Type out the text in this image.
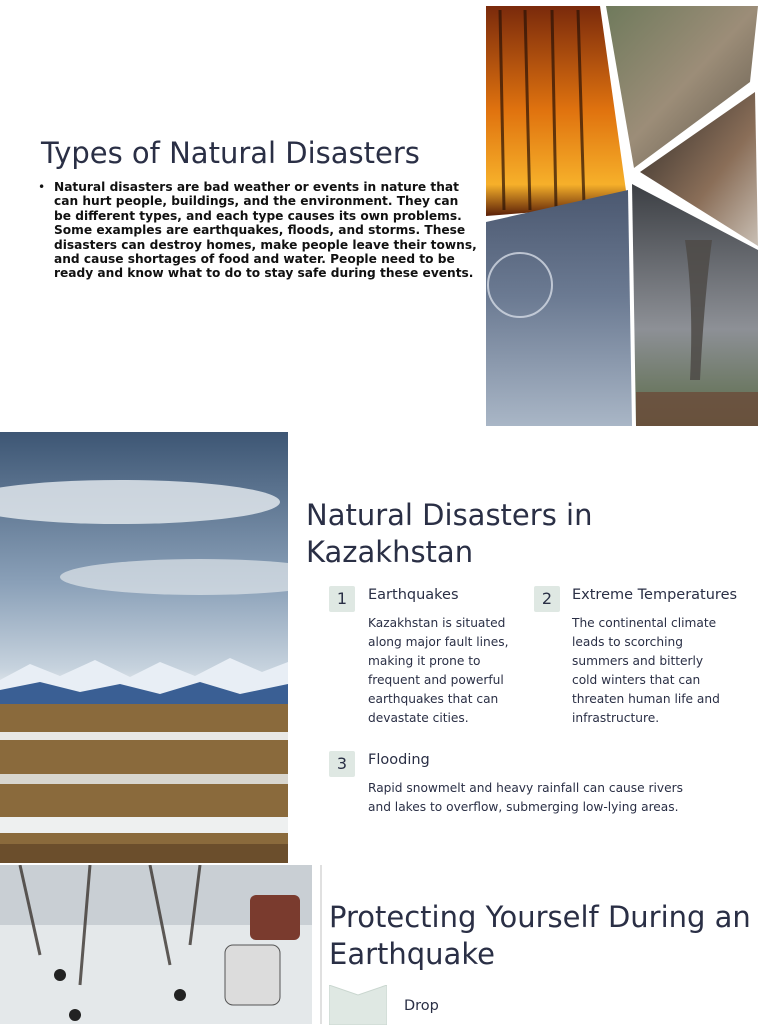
Types of Natural Disasters
• Natural disasters are bad weather or events in nature that can hurt people, buildings, and the environment. They can be different types, and each type causes its own problems. Some examples are earthquakes, floods, and storms. These disasters can destroy homes, make people leave their towns, and cause shortages of food and water. People need to be ready and know what to do to stay safe during these events.
Natural Disasters in Kazakhstan
1	Earthquakes
Kazakhstan is situated along major fault lines, making it prone to frequent and powerful earthquakes that can devastate cities.
2	Extreme Temperatures
The continental climate leads to scorching summers and bitterly cold winters that can threaten human life and infrastructure.
3	Flooding
Rapid snowmelt and heavy rainfall can cause rivers and lakes to overflow, submerging low-lying areas.
Protecting Yourself During an Earthquake
Drop
